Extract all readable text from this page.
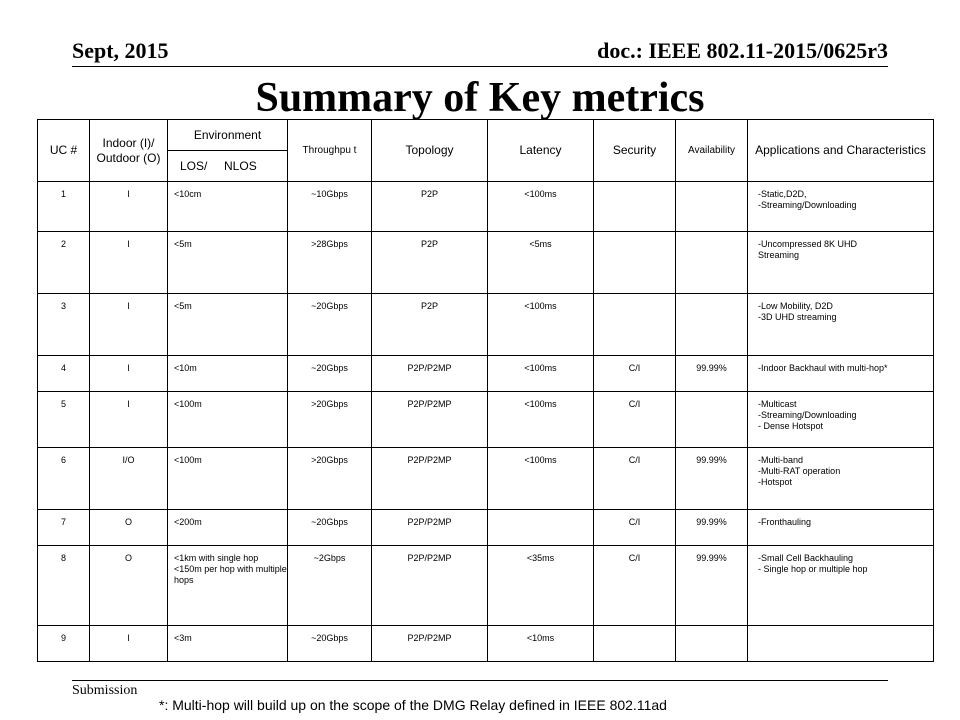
Sept, 2015	doc.: IEEE 802.11-2015/0625r3
Summary of Key metrics
UC #	Indoor (I)/ Outdoor (O)	Environment	Throughpu t	Topology	Latency	Security	Availability	Applications and Characteristics
		LOS/     NLOS						
1	I	<10cm	~10Gbps	P2P	<100ms			-Static,D2D,
-Streaming/Downloading
2	I	<5m	>28Gbps	P2P	<5ms			-Uncompressed 8K UHD
Streaming
3	I	<5m	~20Gbps	P2P	<100ms			-Low Mobility, D2D
-3D UHD streaming
4	I	<10m	~20Gbps	P2P/P2MP	<100ms	C/I	99.99%	-Indoor Backhaul with multi-hop*
5	I	<100m	>20Gbps	P2P/P2MP	<100ms	C/I		-Multicast
-Streaming/Downloading
- Dense Hotspot
6	I/O	<100m	>20Gbps	P2P/P2MP	<100ms	C/I	99.99%	-Multi-band
-Multi-RAT operation
-Hotspot
7	O	<200m	~20Gbps	P2P/P2MP		C/I	99.99%	-Fronthauling
8	O	<1km with single hop
<150m per hop with multiple hops	~2Gbps	P2P/P2MP	<35ms	C/I	99.99%	-Small Cell Backhauling
- Single hop or multiple hop
9	I	<3m	~20Gbps	P2P/P2MP	<10ms			
Submission
*: Multi-hop will build up on the scope of the DMG Relay defined in IEEE 802.11ad
